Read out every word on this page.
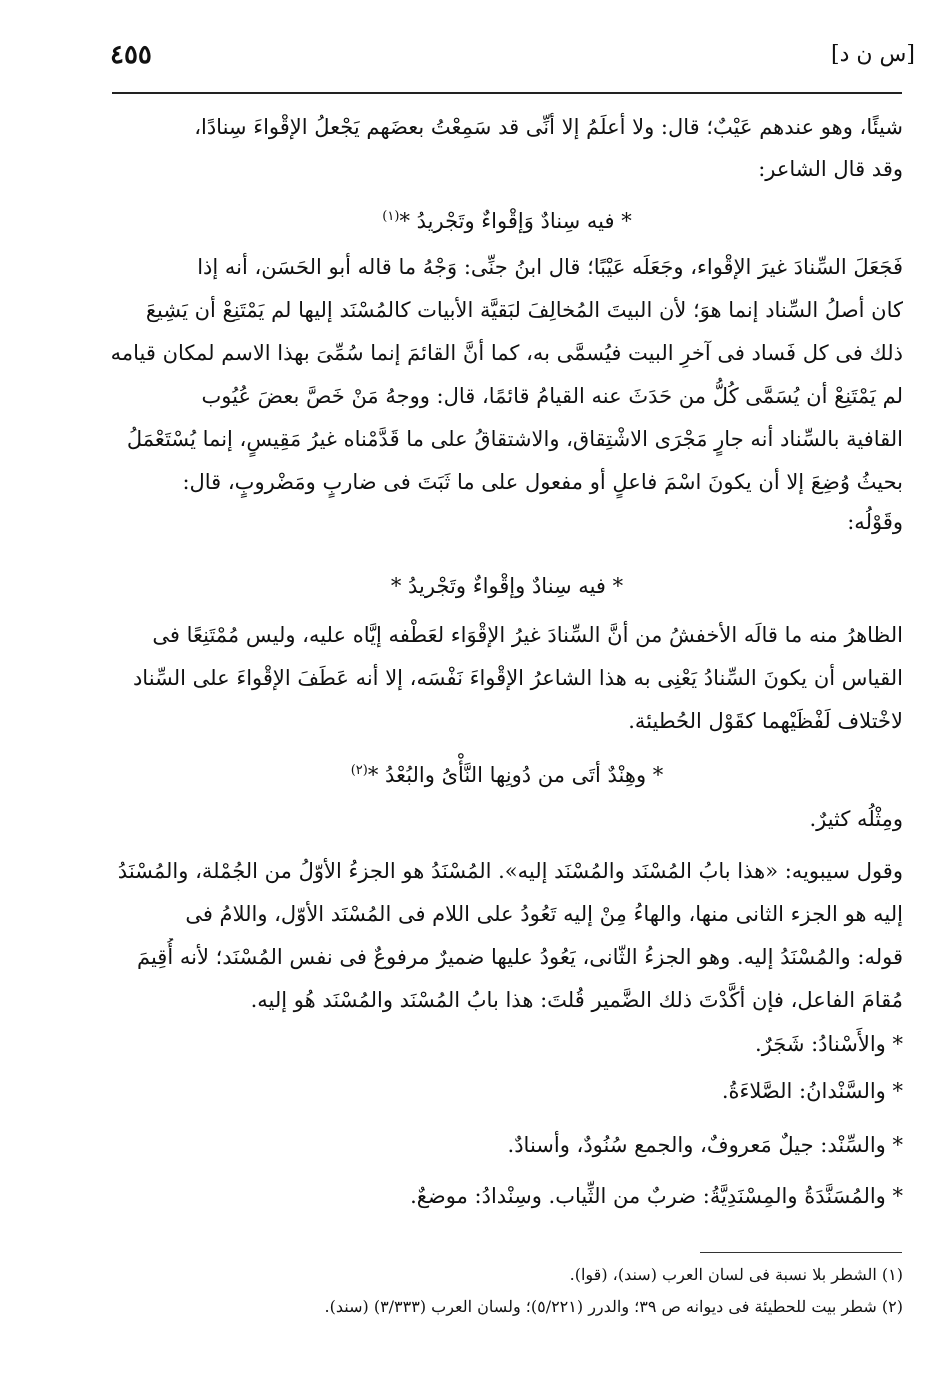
[س ن د]
٤٥٥
شيئًا، وهو عندهم عَيْبٌ؛ قال: ولا أعلَمُ إلا أنِّى قد سَمِعْتُ بعضَهم يَجْعلُ الإقْواءَ سِنادًا،
وقد قال الشاعر:
* فيه سِنادٌ وَإقْواءٌ وتَجْريدُ *$^{(١)}$
فَجَعَلَ السِّنادَ غيرَ الإقْواء، وجَعَلَه عَيْبًا؛ قال ابنُ جنِّى: وَجْهُ ما قاله أبو الحَسَن، أنه إذا
كان أصلُ السِّناد إنما هوَ؛ لأن البيتَ المُخالِفَ لبَقيَّة الأبيات كالمُسْنَد إليها لم يَمْتَنِعْ أن يَشِيعَ
ذلك فى كل فَساد فى آخرِ البيت فيُسمَّى به، كما أنَّ القائمَ إنما سُمِّىَ بهذا الاسم لمكان قيامه
لم يَمْتَنِعْ أن يُسَمَّى كُلُّ من حَدَثَ عنه القيامُ قائمًا، قال: ووجهُ مَنْ خَصَّ بعضَ عُيُوب
القافية بالسِّناد أنه جارٍ مَجْرَى الاشْتِقاق، والاشتقاقُ على ما قَدَّمْناه غيرُ مَقِيسٍ، إنما يُسْتَعْمَلُ
بحيثُ وُضِعَ إلا أن يكونَ اسْمَ فاعلٍ أو مفعول على ما ثَبَتَ فى ضاربٍ ومَضْروبٍ، قال:
وقَوْلُه:
* فيه سِنادٌ وإقْواءٌ وتَجْريدُ *
الظاهرُ منه ما قالَه الأخفشُ من أنَّ السِّنادَ غيرُ الإقْوَاء لعَطْفه إيَّاه عليه، وليس مُمْتَنِعًا فى
القياس أن يكونَ السِّنادُ يَعْنِى به هذا الشاعرُ الإقْواءَ نَفْسَه، إلا أنه عَطَفَ الإقْواءَ على السِّناد
لاخْتلاف لَفْظَيْهما كقَوْل الحُطيئة.
* وهِنْدٌ أتَى من دُونِها النَّأْىُ والبُعْدُ *$^{(٢)}$
ومِثْلُه كثيرٌ.
وقول سيبويه: «هذا بابُ المُسْنَد والمُسْنَد إليه». المُسْنَدُ هو الجزءُ الأوّلُ من الجُمْلة، والمُسْنَدُ
إليه هو الجزء الثانى منها، والهاءُ مِنْ إليه تَعُودُ على اللام فى المُسْنَد الأوّل، واللامُ فى
قوله: والمُسْنَدُ إليه. وهو الجزءُ الثّانى، يَعُودُ عليها ضميرٌ مرفوعٌ فى نفس المُسْنَد؛ لأنه أُقِيمَ
مُقامَ الفاعل، فإن أكَّدْتَ ذلك الضَّمير قُلتَ: هذا بابُ المُسْنَد والمُسْنَد هُو إليه.
* والأَسْنادُ: شَجَرٌ.
* والسَّنْدانُ: الصَّلاءَةُ.
* والسِّنْد: جيلٌ مَعروفٌ، والجمع سُنُودٌ، وأسنادٌ.
* والمُسَنَّدَةُ والمِسْنَدِيَّةُ: ضربٌ من الثِّياب. وسِنْدادُ: موضعٌ.
(١) الشطر بلا نسبة فى لسان العرب (سند)، (قوا).
(٢) شطر بيت للحطيئة فى ديوانه ص ٣٩؛ والدرر (٥/٢٢١)؛ ولسان العرب (٣/٣٣٣) (سند).
